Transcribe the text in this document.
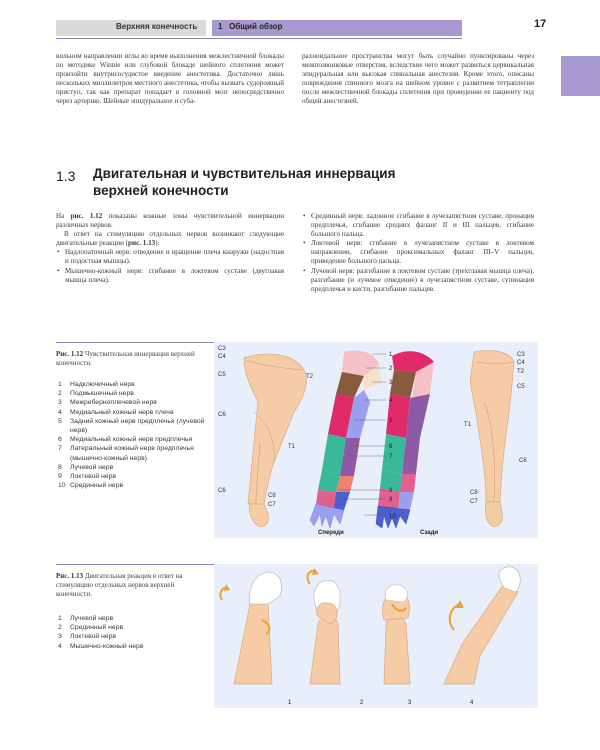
Верхняя конечность	1   Общий обзор	17

вильном направлении иглы во время выполнения межлестничной блокады по методике Winnie или глубокой блокаде шейного сплетения может произойти внутрисосудистое введение анестетика. Достаточно лишь нескольких миллилитров местного анестетика, чтобы вызвать судорожный приступ, так как препарат попадает в головной мозг непосредственно через артерию. Шейные эпидуральное и суба-

рахноидальное пространства могут быть случайно пунктированы через межпозвонковые отверстия, вследствие чего может развиться цервикальная эпидуральная или высокая спинальная анестезия. Кроме этого, описаны повреждения спинного мозга на шейном уровне с развитием тетраплегии после межлестничной блокады сплетения при проведении ее пациенту под общей анестезией.

1.3 Двигательная и чувствительная иннервация верхней конечности

На рис. 1.12 показаны кожные зоны чувствительной иннервации различных нервов.

В ответ на стимуляцию отдельных нервов возникают следующие двигательные реакции (рис. 1.13):

• Надлопаточный нерв: отведение и вращение плеча кнаружи (надостная и подостная мышцы).
• Мышечно-кожный нерв: сгибание в локтевом суставе (двуглавая мышца плеча).
• Срединный нерв: ладонное сгибание в лучезапястном суставе, пронация предплечья, сгибание средних фаланг II и III пальцев, сгибание большого пальца.
• Локтевой нерв: сгибание в лучезапястном суставе в локтевом направлении, сгибание проксимальных фаланг III–V пальцев, приведение большого пальца.
• Лучевой нерв: разгибание в локтевом суставе (трехглавая мышца плеча), разгибание (и лучевое отведение) в лучезапястном суставе, супинация предплечья и кисти, разгибание пальцев.
Рис. 1.12 Чувствительная иннервация верхней конечности.
1	Надключичный нерв
2	Подмышечный нерв
3	Межреберноплечевой нерв
4	Медиальный кожный нерв плеча
5	Задний кожный нерв предплечья (лучевой нерв)
6	Медиальный кожный нерв предплечья
7	Латеральный кожный нерв предплечья (мышечно-кожный нерв)
8	Лучевой нерв
9	Локтевой нерв
10 Срединный нерв
C3
C4
C5	T2
C6
T1
C6
C8
C7
C3
C4
T2
C5
T1
C6
C8
C7
1
2
3
4
5
6
7
8
9
10
Спереди	Сзади
Рис. 1.13 Двигательная реакция в ответ на стимуляцию отдельных нервов верхней конечности.
1	Лучевой нерв
2	Срединный нерв
3	Локтевой нерв
4	Мышечно-кожный нерв
1	2	3	4
